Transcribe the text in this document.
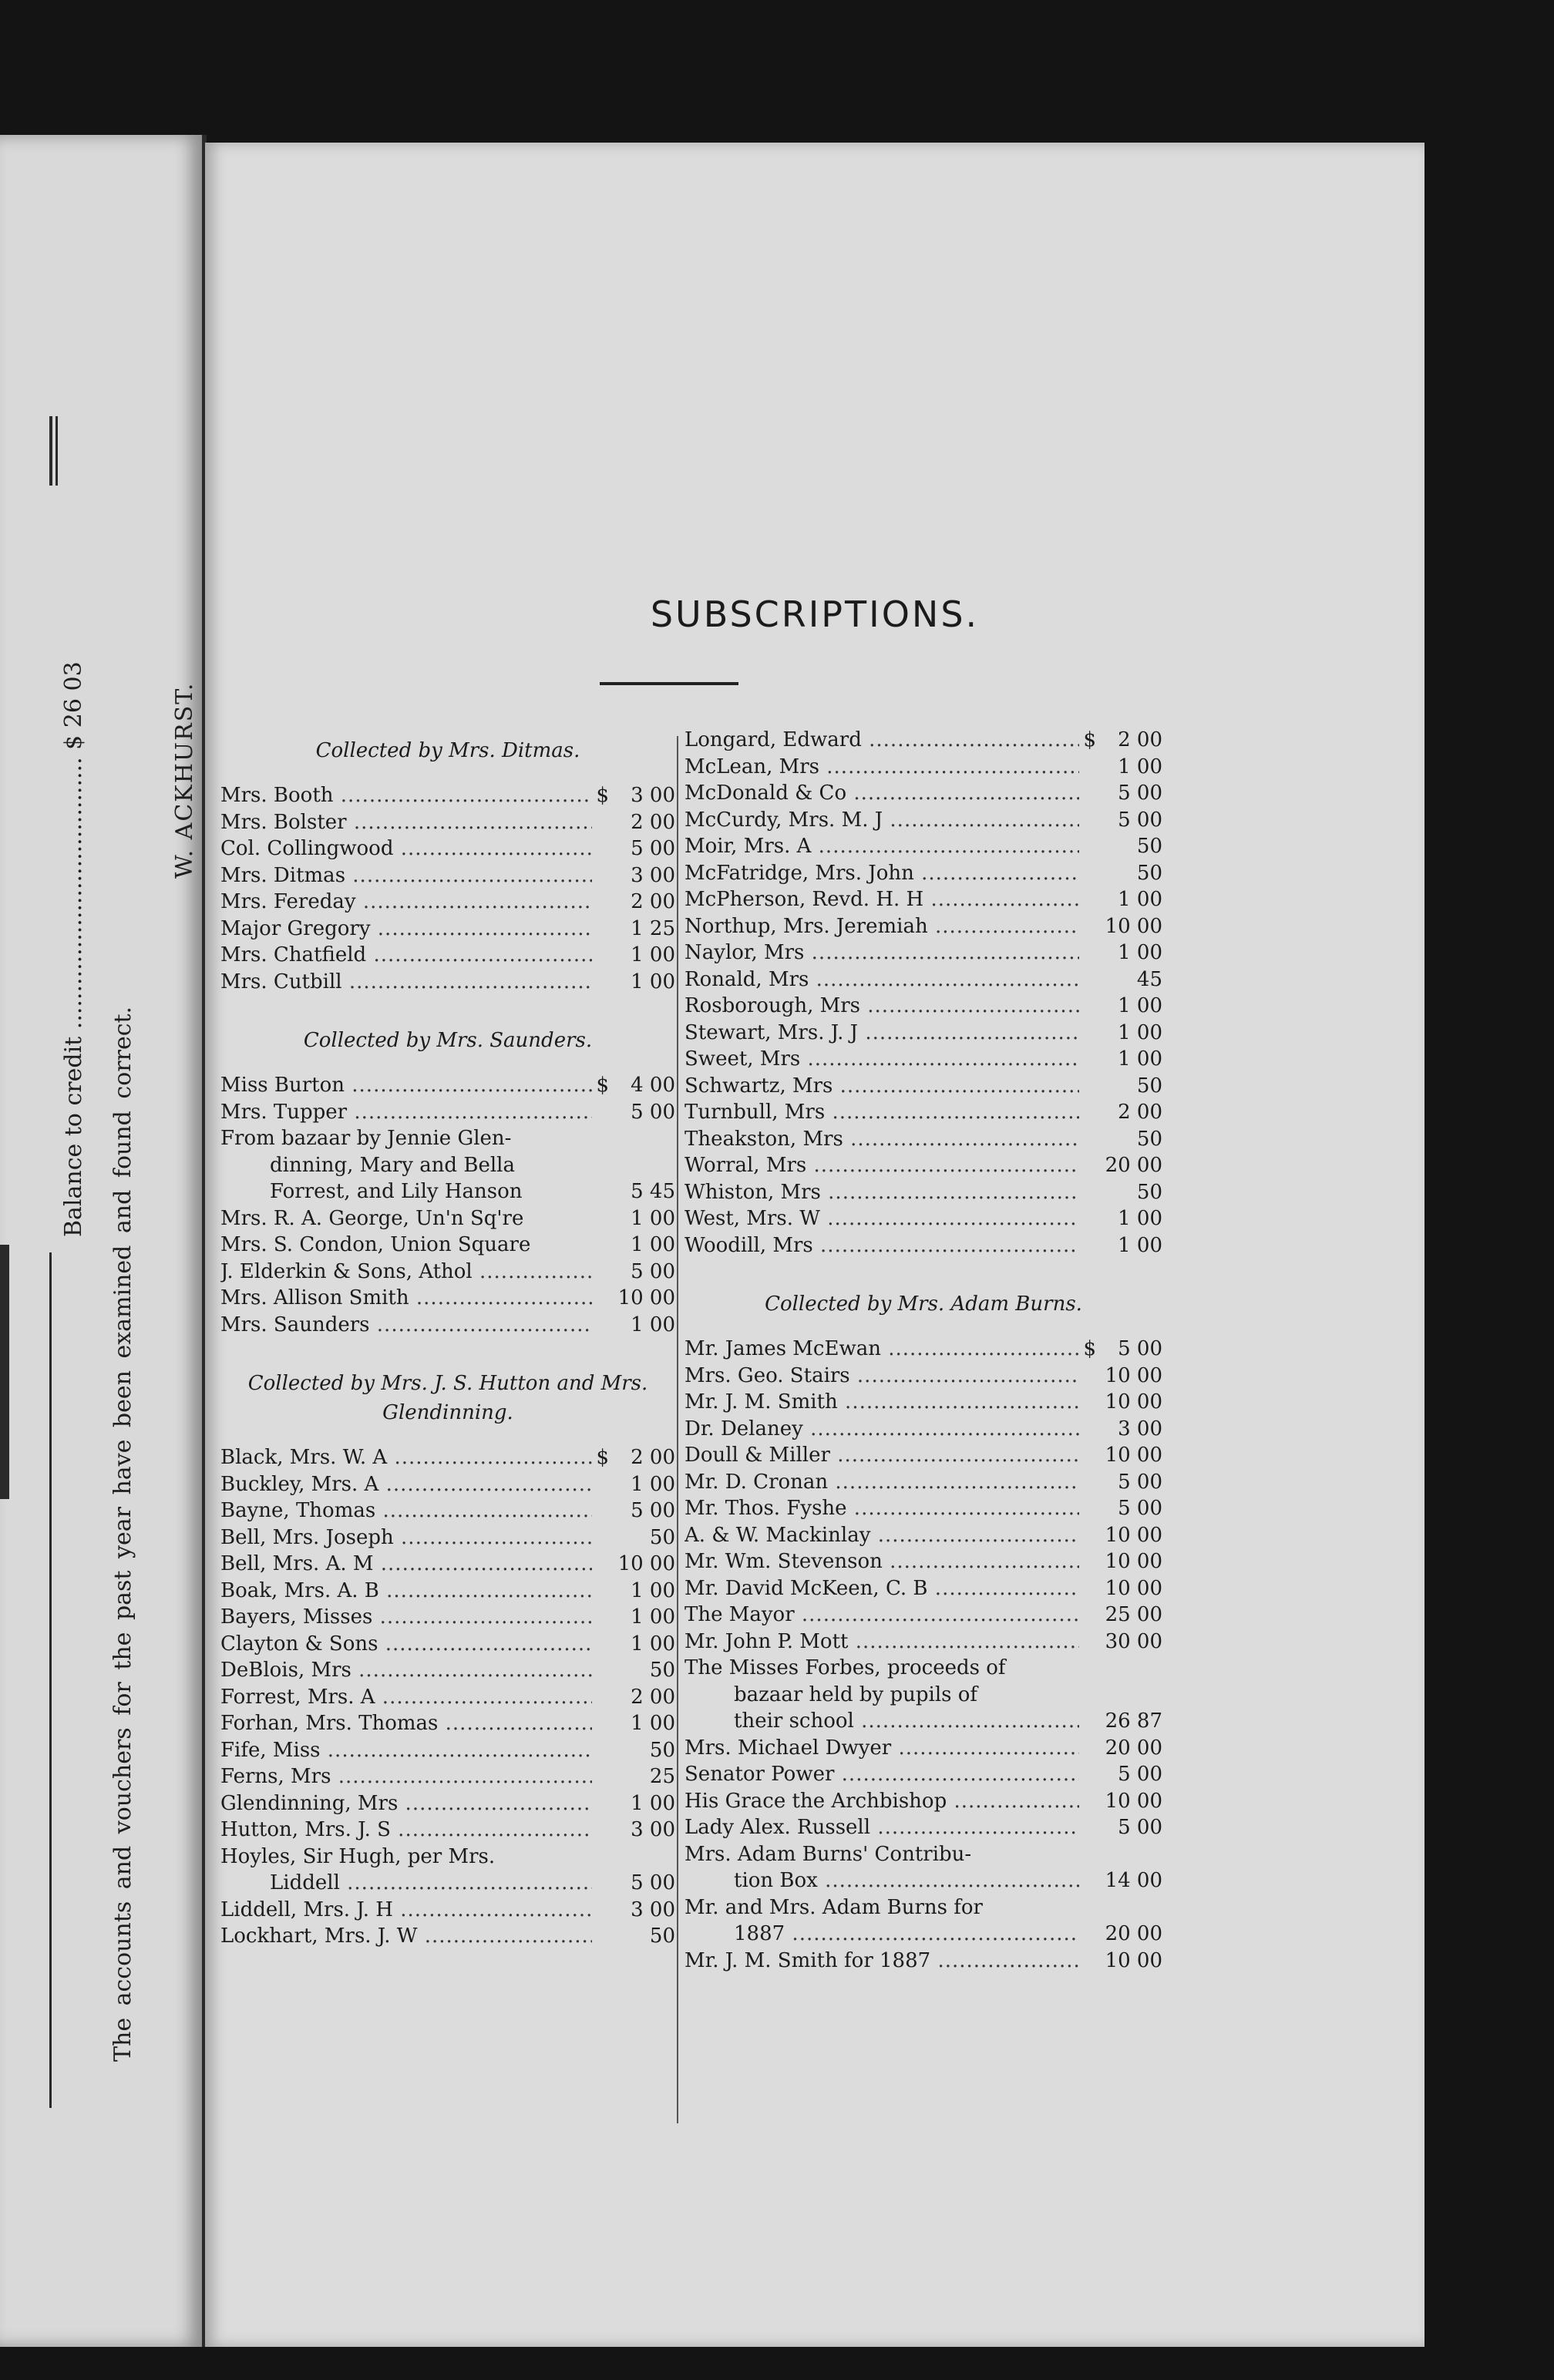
Balance to credit ..................................... $ 26 03
The accounts and vouchers for the past year have been examined and found correct.
W. ACKHURST.
SUBSCRIPTIONS.
Collected by Mrs. Ditmas.
Mrs. Booth .....	$	3 00
Mrs. Bolster .....	2 00
Col. Collingwood .....	5 00
Mrs. Ditmas .....	3 00
Mrs. Fereday .....	2 00
Major Gregory .....	1 25
Mrs. Chatfield .....	1 00
Mrs. Cutbill .....	1 00
Collected by Mrs. Saunders.
Miss Burton .....	$	4 00
Mrs. Tupper .....	5 00
From bazaar by Jennie Glen-
dinning, Mary and Bella
Forrest, and Lily Hanson	5 45
Mrs. R. A. George, Un'n Sq're	1 00
Mrs. S. Condon, Union Square	1 00
J. Elderkin & Sons, Athol .....	5 00
Mrs. Allison Smith .....	10 00
Mrs. Saunders .....	1 00
Collected by Mrs. J. S. Hutton and Mrs. Glendinning.
Black, Mrs. W. A .....	$	2 00
Buckley, Mrs. A .....	1 00
Bayne, Thomas .....	5 00
Bell, Mrs. Joseph .....	50
Bell, Mrs. A. M .....	10 00
Boak, Mrs. A. B .....	1 00
Bayers, Misses .....	1 00
Clayton & Sons .....	1 00
DeBlois, Mrs .....	50
Forrest, Mrs. A .....	2 00
Forhan, Mrs. Thomas .....	1 00
Fife, Miss .....	50
Ferns, Mrs .....	25
Glendinning, Mrs .....	1 00
Hutton, Mrs. J. S .....	3 00
Hoyles, Sir Hugh, per Mrs.
Liddell .....	5 00
Liddell, Mrs. J. H .....	3 00
Lockhart, Mrs. J. W .....	50
Longard, Edward .....	$	2 00
McLean, Mrs .....	1 00
McDonald & Co .....	5 00
McCurdy, Mrs. M. J .....	5 00
Moir, Mrs. A .....	50
McFatridge, Mrs. John .....	50
McPherson, Revd. H. H .....	1 00
Northup, Mrs. Jeremiah .....	10 00
Naylor, Mrs .....	1 00
Ronald, Mrs .....	45
Rosborough, Mrs .....	1 00
Stewart, Mrs. J. J .....	1 00
Sweet, Mrs .....	1 00
Schwartz, Mrs .....	50
Turnbull, Mrs .....	2 00
Theakston, Mrs .....	50
Worral, Mrs .....	20 00
Whiston, Mrs .....	50
West, Mrs. W .....	1 00
Woodill, Mrs .....	1 00
Collected by Mrs. Adam Burns.
Mr. James McEwan .....	$	5 00
Mrs. Geo. Stairs .....	10 00
Mr. J. M. Smith .....	10 00
Dr. Delaney .....	3 00
Doull & Miller .....	10 00
Mr. D. Cronan .....	5 00
Mr. Thos. Fyshe .....	5 00
A. & W. Mackinlay .....	10 00
Mr. Wm. Stevenson .....	10 00
Mr. David McKeen, C. B .....	10 00
The Mayor .....	25 00
Mr. John P. Mott .....	30 00
The Misses Forbes, proceeds of
bazaar held by pupils of
their school .....	26 87
Mrs. Michael Dwyer .....	20 00
Senator Power .....	5 00
His Grace the Archbishop .....	10 00
Lady Alex. Russell .....	5 00
Mrs. Adam Burns' Contribu-
tion Box .....	14 00
Mr. and Mrs. Adam Burns for
1887 .....	20 00
Mr. J. M. Smith for 1887 .....	10 00
